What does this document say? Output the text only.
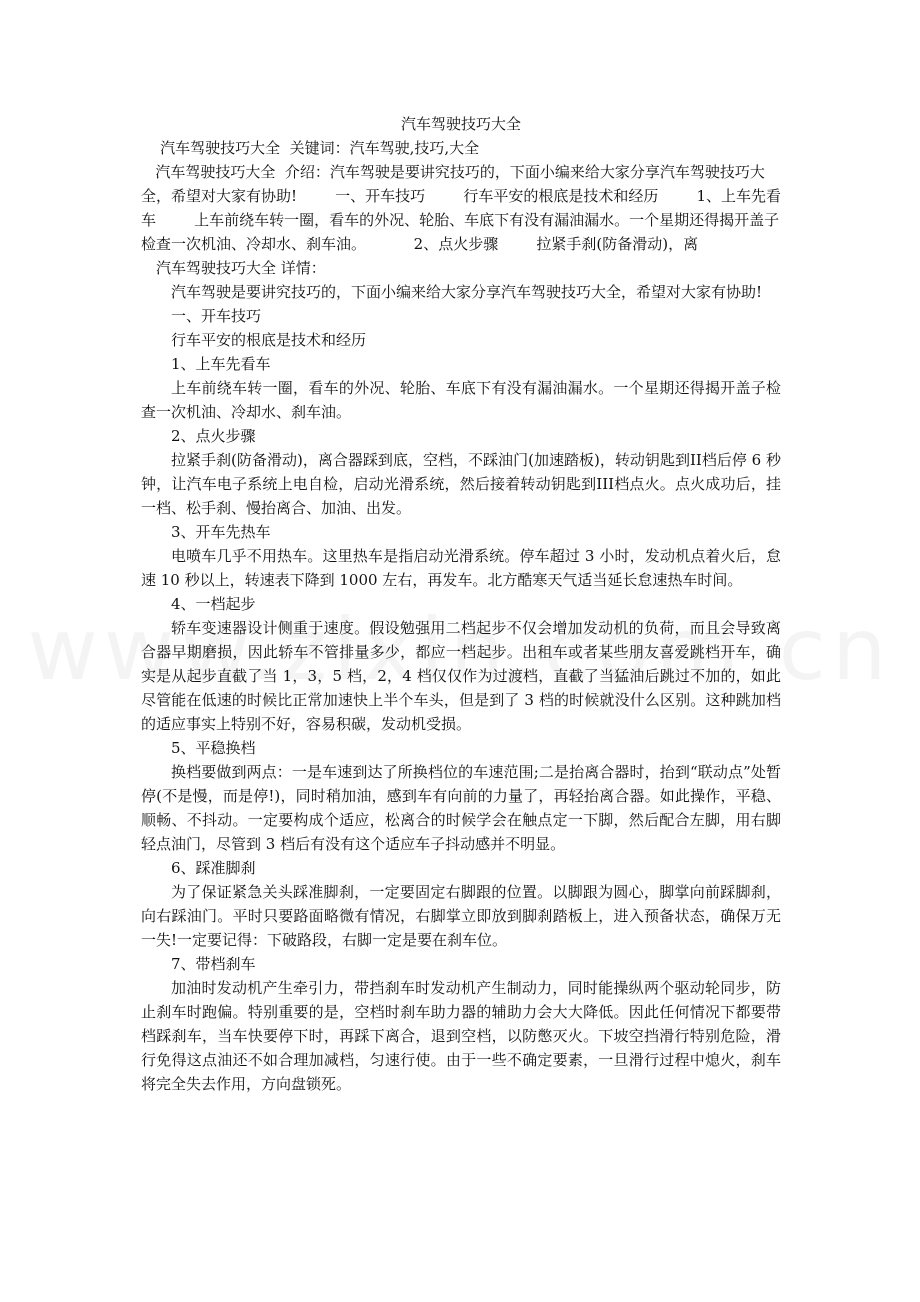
汽车驾驶技巧大全
汽车驾驶技巧大全  关键词：汽车驾驶,技巧,大全
汽车驾驶技巧大全  介绍：汽车驾驶是要讲究技巧的，下面小编来给大家分享汽车驾驶技巧大全，希望对大家有协助!        一、开车技巧        行车平安的根底是技术和经历        1、上车先看车        上车前绕车转一圈，看车的外况、轮胎、车底下有没有漏油漏水。一个星期还得揭开盖子检查一次机油、冷却水、刹车油。          2、点火步骤        拉紧手刹(防备滑动)，离
汽车驾驶技巧大全 详情：
汽车驾驶是要讲究技巧的，下面小编来给大家分享汽车驾驶技巧大全，希望对大家有协助!
一、开车技巧
行车平安的根底是技术和经历
1、上车先看车
上车前绕车转一圈，看车的外况、轮胎、车底下有没有漏油漏水。一个星期还得揭开盖子检查一次机油、冷却水、刹车油。
2、点火步骤
拉紧手刹(防备滑动)，离合器踩到底，空档，不踩油门(加速踏板)，转动钥匙到II档后停 6 秒钟，让汽车电子系统上电自检，启动光滑系统，然后接着转动钥匙到III档点火。点火成功后，挂一档、松手刹、慢抬离合、加油、出发。
3、开车先热车
电喷车几乎不用热车。这里热车是指启动光滑系统。停车超过 3 小时，发动机点着火后，怠速 10 秒以上，转速表下降到 1000 左右，再发车。北方酷寒天气适当延长怠速热车时间。
4、一档起步
轿车变速器设计侧重于速度。假设勉强用二档起步不仅会增加发动机的负荷，而且会导致离合器早期磨损，因此轿车不管排量多少，都应一档起步。出租车或者某些朋友喜爱跳档开车，确实是从起步直截了当 1，3，5 档，2，4 档仅仅作为过渡档，直截了当猛油后跳过不加的，如此尽管能在低速的时候比正常加速快上半个车头，但是到了 3 档的时候就没什么区别。这种跳加档的适应事实上特别不好，容易积碳，发动机受损。
5、平稳换档
换档要做到两点：一是车速到达了所换档位的车速范围;二是抬离合器时，抬到“联动点”处暂停(不是慢，而是停!)，同时稍加油，感到车有向前的力量了，再轻抬离合器。如此操作，平稳、顺畅、不抖动。一定要构成个适应，松离合的时候学会在触点定一下脚，然后配合左脚，用右脚轻点油门，尽管到 3 档后有没有这个适应车子抖动感并不明显。
6、踩准脚刹
为了保证紧急关头踩准脚刹，一定要固定右脚跟的位置。以脚跟为圆心，脚掌向前踩脚刹，向右踩油门。平时只要路面略微有情况，右脚掌立即放到脚刹踏板上，进入预备状态，确保万无一失!一定要记得：下破路段，右脚一定是要在刹车位。
7、带档刹车
加油时发动机产生牵引力，带挡刹车时发动机产生制动力，同时能操纵两个驱动轮同步，防止刹车时跑偏。特别重要的是，空档时刹车助力器的辅助力会大大降低。因此任何情况下都要带档踩刹车，当车快要停下时，再踩下离合，退到空档，以防憋灭火。下坡空挡滑行特别危险，滑行免得这点油还不如合理加减档，匀速行使。由于一些不确定要素，一旦滑行过程中熄火，刹车将完全失去作用，方向盘锁死。
